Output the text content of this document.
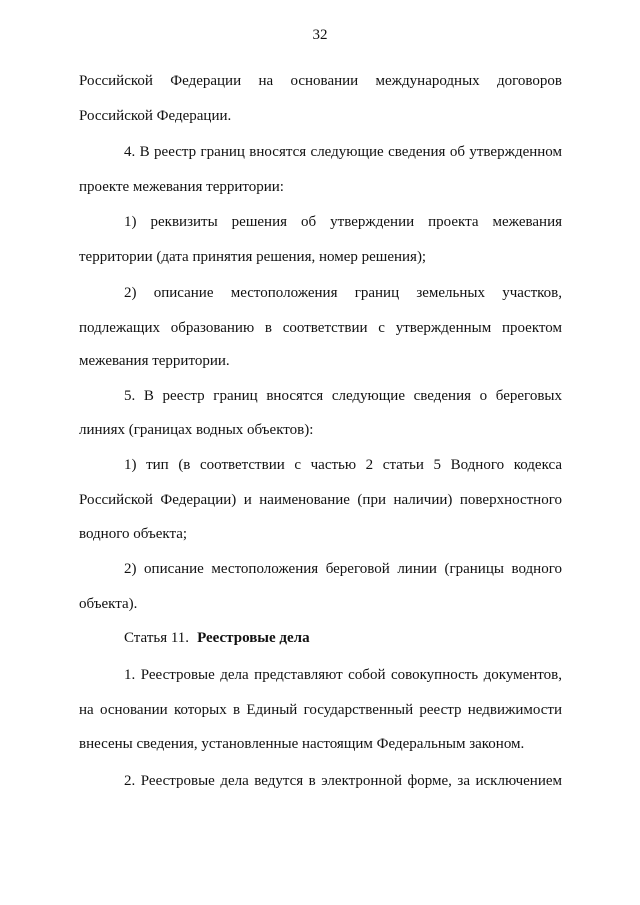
32
Российской Федерации на основании международных договоров
Российской Федерации.
4. В реестр границ вносятся следующие сведения об утвержденном
проекте межевания территории:
1) реквизиты решения об утверждении проекта межевания
территории (дата принятия решения, номер решения);
2) описание местоположения границ земельных участков,
подлежащих образованию в соответствии с утвержденным проектом
межевания территории.
5. В реестр границ вносятся следующие сведения о береговых
линиях (границах водных объектов):
1) тип (в соответствии с частью 2 статьи 5 Водного кодекса
Российской Федерации) и наименование (при наличии) поверхностного
водного объекта;
2) описание местоположения береговой линии (границы водного
объекта).
Статья 11. Реестровые дела
1. Реестровые дела представляют собой совокупность документов,
на основании которых в Единый государственный реестр недвижимости
внесены сведения, установленные настоящим Федеральным законом.
2. Реестровые дела ведутся в электронной форме, за исключением
